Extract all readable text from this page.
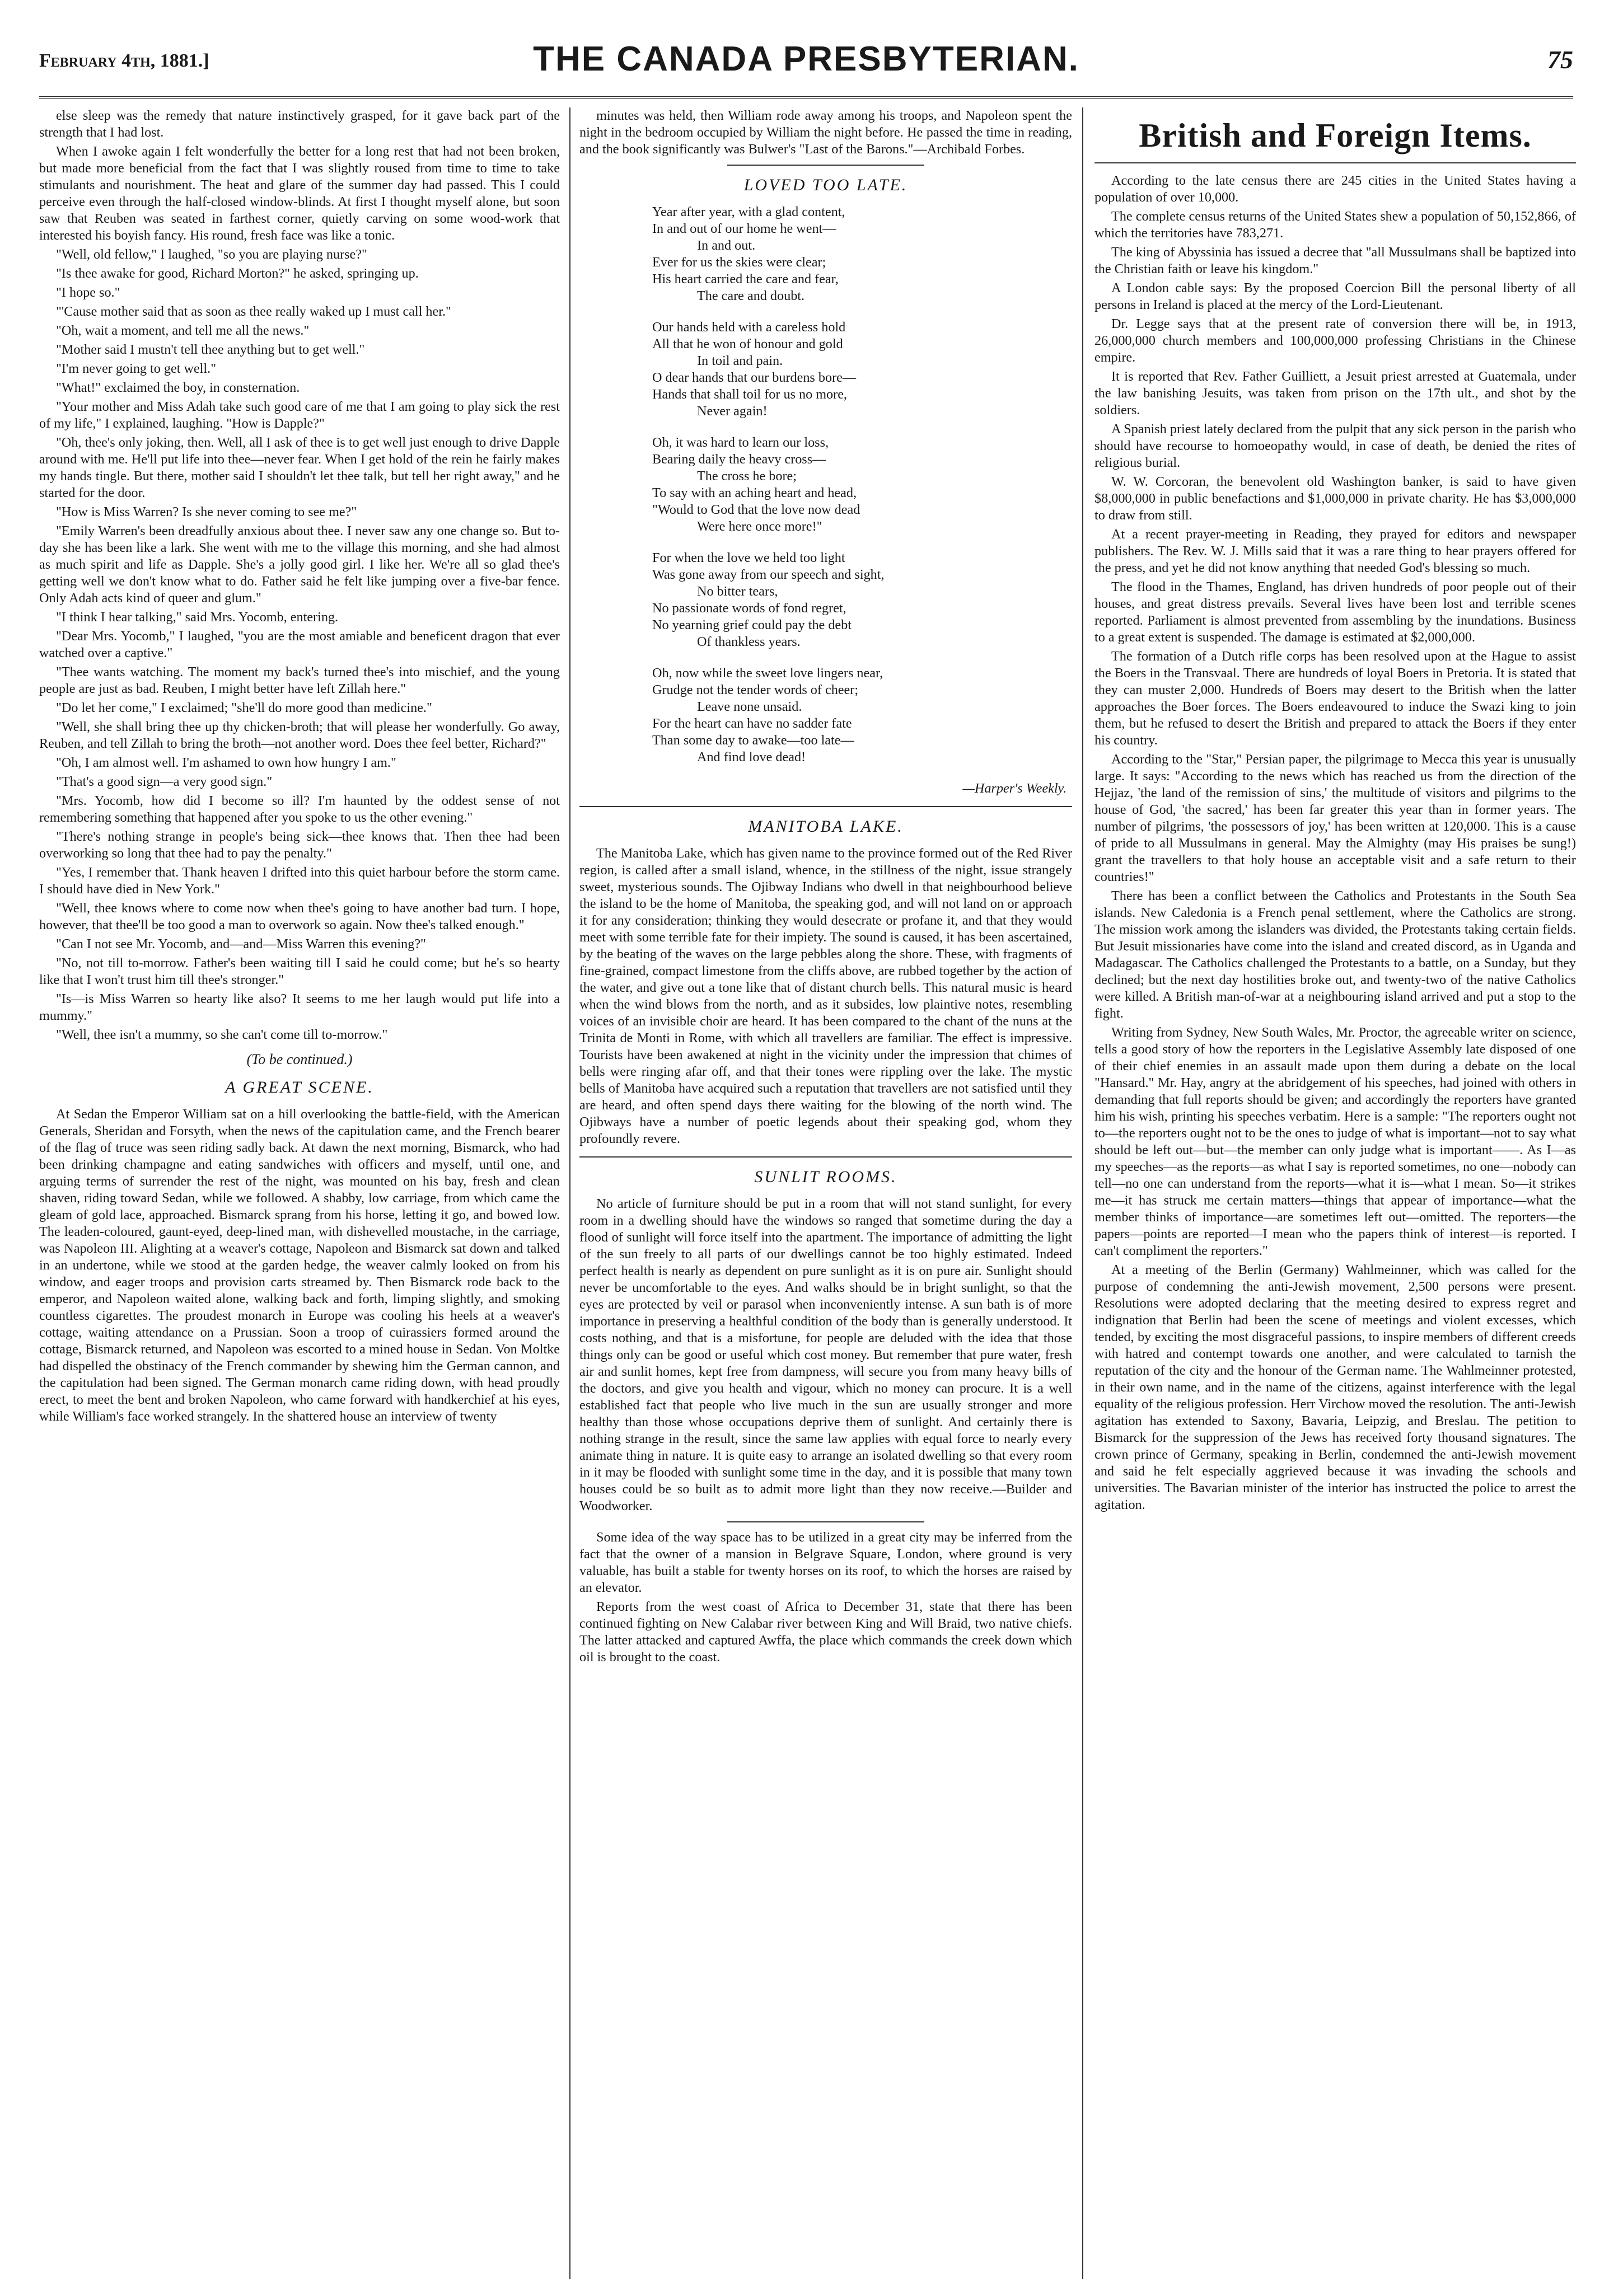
February 4th, 1881.]	THE CANADA PRESBYTERIAN.	75

else sleep was the remedy that nature instinctively grasped, for it gave back part of the strength that I had lost.

When I awoke again I felt wonderfully the better for a long rest that had not been broken, but made more beneficial from the fact that I was slightly roused from time to time to take stimulants and nourishment. The heat and glare of the summer day had passed. This I could perceive even through the half-closed window-blinds. At first I thought myself alone, but soon saw that Reuben was seated in farthest corner, quietly carving on some wood-work that interested his boyish fancy. His round, fresh face was like a tonic.

"Well, old fellow," I laughed, "so you are playing nurse?"

"Is thee awake for good, Richard Morton?" he asked, springing up.

"I hope so."

"'Cause mother said that as soon as thee really waked up I must call her."

"Oh, wait a moment, and tell me all the news."

"Mother said I mustn't tell thee anything but to get well."

"I'm never going to get well."

"What!" exclaimed the boy, in consternation.

"Your mother and Miss Adah take such good care of me that I am going to play sick the rest of my life," I explained, laughing. "How is Dapple?"

"Oh, thee's only joking, then. Well, all I ask of thee is to get well just enough to drive Dapple around with me. He'll put life into thee—never fear. When I get hold of the rein he fairly makes my hands tingle. But there, mother said I shouldn't let thee talk, but tell her right away," and he started for the door.

"How is Miss Warren? Is she never coming to see me?"

"Emily Warren's been dreadfully anxious about thee. I never saw any one change so. But to-day she has been like a lark. She went with me to the village this morning, and she had almost as much spirit and life as Dapple. She's a jolly good girl. I like her. We're all so glad thee's getting well we don't know what to do. Father said he felt like jumping over a five-bar fence. Only Adah acts kind of queer and glum."

"I think I hear talking," said Mrs. Yocomb, entering.

"Dear Mrs. Yocomb," I laughed, "you are the most amiable and beneficent dragon that ever watched over a captive."

"Thee wants watching. The moment my back's turned thee's into mischief, and the young people are just as bad. Reuben, I might better have left Zillah here."

"Do let her come," I exclaimed; "she'll do more good than medicine."

"Well, she shall bring thee up thy chicken-broth; that will please her wonderfully. Go away, Reuben, and tell Zillah to bring the broth—not another word. Does thee feel better, Richard?"

"Oh, I am almost well. I'm ashamed to own how hungry I am."

"That's a good sign—a very good sign."

"Mrs. Yocomb, how did I become so ill? I'm haunted by the oddest sense of not remembering something that happened after you spoke to us the other evening."

"There's nothing strange in people's being sick—thee knows that. Then thee had been overworking so long that thee had to pay the penalty."

"Yes, I remember that. Thank heaven I drifted into this quiet harbour before the storm came. I should have died in New York."

"Well, thee knows where to come now when thee's going to have another bad turn. I hope, however, that thee'll be too good a man to overwork so again. Now thee's talked enough."

"Can I not see Mr. Yocomb, and—and—Miss Warren this evening?"

"No, not till to-morrow. Father's been waiting till I said he could come; but he's so hearty like that I won't trust him till thee's stronger."

"Is—is Miss Warren so hearty like also? It seems to me her laugh would put life into a mummy."

"Well, thee isn't a mummy, so she can't come till to-morrow."

(To be continued.)
A GREAT SCENE.

At Sedan the Emperor William sat on a hill overlooking the battle-field, with the American Generals, Sheridan and Forsyth, when the news of the capitulation came, and the French bearer of the flag of truce was seen riding sadly back. At dawn the next morning, Bismarck, who had been drinking champagne and eating sandwiches with officers and myself, until one, and arguing terms of surrender the rest of the night, was mounted on his bay, fresh and clean shaven, riding toward Sedan, while we followed. A shabby, low carriage, from which came the gleam of gold lace, approached. Bismarck sprang from his horse, letting it go, and bowed low. The leaden-coloured, gaunt-eyed, deep-lined man, with dishevelled moustache, in the carriage, was Napoleon III. Alighting at a weaver's cottage, Napoleon and Bismarck sat down and talked in an undertone, while we stood at the garden hedge, the weaver calmly looked on from his window, and eager troops and provision carts streamed by. Then Bismarck rode back to the emperor, and Napoleon waited alone, walking back and forth, limping slightly, and smoking countless cigarettes. The proudest monarch in Europe was cooling his heels at a weaver's cottage, waiting attendance on a Prussian. Soon a troop of cuirassiers formed around the cottage, Bismarck returned, and Napoleon was escorted to a mined house in Sedan. Von Moltke had dispelled the obstinacy of the French commander by shewing him the German cannon, and the capitulation had been signed. The German monarch came riding down, with head proudly erect, to meet the bent and broken Napoleon, who came forward with handkerchief at his eyes, while William's face worked strangely. In the shattered house an interview of twenty

minutes was held, then William rode away among his troops, and Napoleon spent the night in the bedroom occupied by William the night before. He passed the time in reading, and the book significantly was Bulwer's "Last of the Barons."—Archibald Forbes.

LOVED TOO LATE.
Year after year, with a glad content,
In and out of our home he went—
In and out.
Ever for us the skies were clear;
His heart carried the care and fear,
The care and doubt.
Our hands held with a careless hold
All that he won of honour and gold
In toil and pain.
O dear hands that our burdens bore—
Hands that shall toil for us no more,
Never again!
Oh, it was hard to learn our loss,
Bearing daily the heavy cross—
The cross he bore;
To say with an aching heart and head,
"Would to God that the love now dead
Were here once more!"
For when the love we held too light
Was gone away from our speech and sight,
No bitter tears,
No passionate words of fond regret,
No yearning grief could pay the debt
Of thankless years.
Oh, now while the sweet love lingers near,
Grudge not the tender words of cheer;
Leave none unsaid.
For the heart can have no sadder fate
Than some day to awake—too late—
And find love dead!
—Harper's Weekly.
MANITOBA LAKE.

The Manitoba Lake, which has given name to the province formed out of the Red River region, is called after a small island, whence, in the stillness of the night, issue strangely sweet, mysterious sounds. The Ojibway Indians who dwell in that neighbourhood believe the island to be the home of Manitoba, the speaking god, and will not land on or approach it for any consideration; thinking they would desecrate or profane it, and that they would meet with some terrible fate for their impiety. The sound is caused, it has been ascertained, by the beating of the waves on the large pebbles along the shore. These, with fragments of fine-grained, compact limestone from the cliffs above, are rubbed together by the action of the water, and give out a tone like that of distant church bells. This natural music is heard when the wind blows from the north, and as it subsides, low plaintive notes, resembling voices of an invisible choir are heard. It has been compared to the chant of the nuns at the Trinita de Monti in Rome, with which all travellers are familiar. The effect is impressive. Tourists have been awakened at night in the vicinity under the impression that chimes of bells were ringing afar off, and that their tones were rippling over the lake. The mystic bells of Manitoba have acquired such a reputation that travellers are not satisfied until they are heard, and often spend days there waiting for the blowing of the north wind. The Ojibways have a number of poetic legends about their speaking god, whom they profoundly revere.

SUNLIT ROOMS.

No article of furniture should be put in a room that will not stand sunlight, for every room in a dwelling should have the windows so ranged that sometime during the day a flood of sunlight will force itself into the apartment. The importance of admitting the light of the sun freely to all parts of our dwellings cannot be too highly estimated. Indeed perfect health is nearly as dependent on pure sunlight as it is on pure air. Sunlight should never be uncomfortable to the eyes. And walks should be in bright sunlight, so that the eyes are protected by veil or parasol when inconveniently intense. A sun bath is of more importance in preserving a healthful condition of the body than is generally understood. It costs nothing, and that is a misfortune, for people are deluded with the idea that those things only can be good or useful which cost money. But remember that pure water, fresh air and sunlit homes, kept free from dampness, will secure you from many heavy bills of the doctors, and give you health and vigour, which no money can procure. It is a well established fact that people who live much in the sun are usually stronger and more healthy than those whose occupations deprive them of sunlight. And certainly there is nothing strange in the result, since the same law applies with equal force to nearly every animate thing in nature. It is quite easy to arrange an isolated dwelling so that every room in it may be flooded with sunlight some time in the day, and it is possible that many town houses could be so built as to admit more light than they now receive.—Builder and Woodworker.

Some idea of the way space has to be utilized in a great city may be inferred from the fact that the owner of a mansion in Belgrave Square, London, where ground is very valuable, has built a stable for twenty horses on its roof, to which the horses are raised by an elevator.

Reports from the west coast of Africa to December 31, state that there has been continued fighting on New Calabar river between King and Will Braid, two native chiefs. The latter attacked and captured Awffa, the place which commands the creek down which oil is brought to the coast.

British and Foreign Items.

According to the late census there are 245 cities in the United States having a population of over 10,000.

The complete census returns of the United States shew a population of 50,152,866, of which the territories have 783,271.

The king of Abyssinia has issued a decree that "all Mussulmans shall be baptized into the Christian faith or leave his kingdom."

A London cable says: By the proposed Coercion Bill the personal liberty of all persons in Ireland is placed at the mercy of the Lord-Lieutenant.

Dr. Legge says that at the present rate of conversion there will be, in 1913, 26,000,000 church members and 100,000,000 professing Christians in the Chinese empire.

It is reported that Rev. Father Guilliett, a Jesuit priest arrested at Guatemala, under the law banishing Jesuits, was taken from prison on the 17th ult., and shot by the soldiers.

A Spanish priest lately declared from the pulpit that any sick person in the parish who should have recourse to homoeopathy would, in case of death, be denied the rites of religious burial.

W. W. Corcoran, the benevolent old Washington banker, is said to have given $8,000,000 in public benefactions and $1,000,000 in private charity. He has $3,000,000 to draw from still.

At a recent prayer-meeting in Reading, they prayed for editors and newspaper publishers. The Rev. W. J. Mills said that it was a rare thing to hear prayers offered for the press, and yet he did not know anything that needed God's blessing so much.

The flood in the Thames, England, has driven hundreds of poor people out of their houses, and great distress prevails. Several lives have been lost and terrible scenes reported. Parliament is almost prevented from assembling by the inundations. Business to a great extent is suspended. The damage is estimated at $2,000,000.

The formation of a Dutch rifle corps has been resolved upon at the Hague to assist the Boers in the Transvaal. There are hundreds of loyal Boers in Pretoria. It is stated that they can muster 2,000. Hundreds of Boers may desert to the British when the latter approaches the Boer forces. The Boers endeavoured to induce the Swazi king to join them, but he refused to desert the British and prepared to attack the Boers if they enter his country.

According to the "Star," Persian paper, the pilgrimage to Mecca this year is unusually large. It says: "According to the news which has reached us from the direction of the Hejjaz, 'the land of the remission of sins,' the multitude of visitors and pilgrims to the house of God, 'the sacred,' has been far greater this year than in former years. The number of pilgrims, 'the possessors of joy,' has been written at 120,000. This is a cause of pride to all Mussulmans in general. May the Almighty (may His praises be sung!) grant the travellers to that holy house an acceptable visit and a safe return to their countries!"

There has been a conflict between the Catholics and Protestants in the South Sea islands. New Caledonia is a French penal settlement, where the Catholics are strong. The mission work among the islanders was divided, the Protestants taking certain fields. But Jesuit missionaries have come into the island and created discord, as in Uganda and Madagascar. The Catholics challenged the Protestants to a battle, on a Sunday, but they declined; but the next day hostilities broke out, and twenty-two of the native Catholics were killed. A British man-of-war at a neighbouring island arrived and put a stop to the fight.

Writing from Sydney, New South Wales, Mr. Proctor, the agreeable writer on science, tells a good story of how the reporters in the Legislative Assembly late disposed of one of their chief enemies in an assault made upon them during a debate on the local "Hansard." Mr. Hay, angry at the abridgement of his speeches, had joined with others in demanding that full reports should be given; and accordingly the reporters have granted him his wish, printing his speeches verbatim. Here is a sample: "The reporters ought not to—the reporters ought not to be the ones to judge of what is important—not to say what should be left out—but—the member can only judge what is important——. As I—as my speeches—as the reports—as what I say is reported sometimes, no one—nobody can tell—no one can understand from the reports—what it is—what I mean. So—it strikes me—it has struck me certain matters—things that appear of importance—what the member thinks of importance—are sometimes left out—omitted. The reporters—the papers—points are reported—I mean who the papers think of interest—is reported. I can't compliment the reporters."

At a meeting of the Berlin (Germany) Wahlmeinner, which was called for the purpose of condemning the anti-Jewish movement, 2,500 persons were present. Resolutions were adopted declaring that the meeting desired to express regret and indignation that Berlin had been the scene of meetings and violent excesses, which tended, by exciting the most disgraceful passions, to inspire members of different creeds with hatred and contempt towards one another, and were calculated to tarnish the reputation of the city and the honour of the German name. The Wahlmeinner protested, in their own name, and in the name of the citizens, against interference with the legal equality of the religious profession. Herr Virchow moved the resolution. The anti-Jewish agitation has extended to Saxony, Bavaria, Leipzig, and Breslau. The petition to Bismarck for the suppression of the Jews has received forty thousand signatures. The crown prince of Germany, speaking in Berlin, condemned the anti-Jewish movement and said he felt especially aggrieved because it was invading the schools and universities. The Bavarian minister of the interior has instructed the police to arrest the agitation.
